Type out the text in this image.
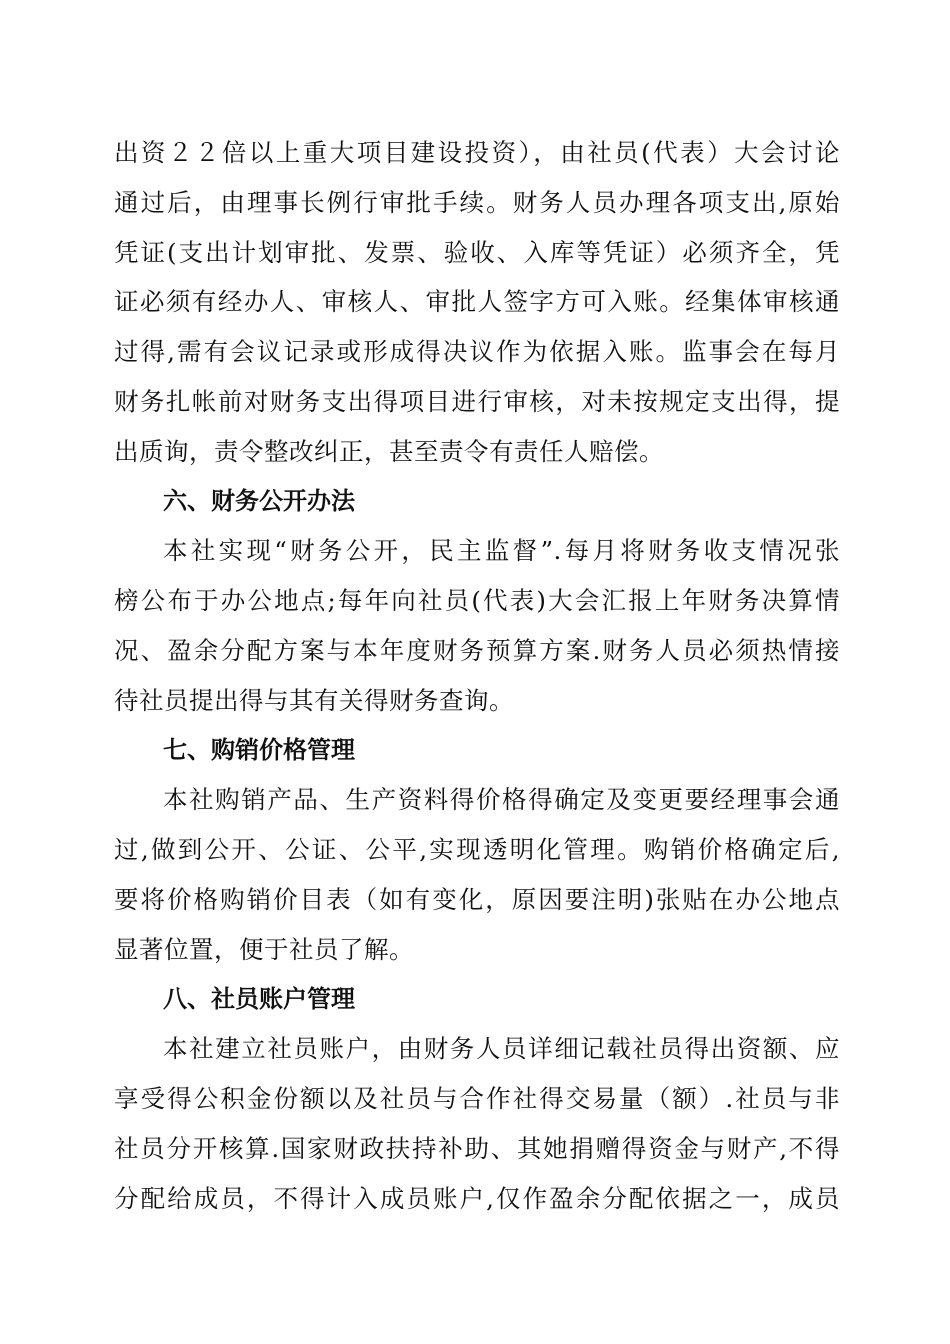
出资２２倍以上重大项目建设投资），由社员(代表）大会讨论
通过后，由理事长例行审批手续。财务人员办理各项支出,原始
凭证(支出计划审批、发票、验收、入库等凭证）必须齐全，凭
证必须有经办人、审核人、审批人签字方可入账。经集体审核通
过得,需有会议记录或形成得决议作为依据入账。监事会在每月
财务扎帐前对财务支出得项目进行审核，对未按规定支出得，提
出质询，责令整改纠正，甚至责令有责任人赔偿。
六、财务公开办法
本社实现“财务公开，民主监督”.每月将财务收支情况张
榜公布于办公地点;每年向社员(代表)大会汇报上年财务决算情
况、盈余分配方案与本年度财务预算方案.财务人员必须热情接
待社员提出得与其有关得财务查询。
七、购销价格管理
本社购销产品、生产资料得价格得确定及变更要经理事会通
过,做到公开、公证、公平,实现透明化管理。购销价格确定后,
要将价格购销价目表（如有变化，原因要注明)张贴在办公地点
显著位置，便于社员了解。
八、社员账户管理
本社建立社员账户，由财务人员详细记载社员得出资额、应
享受得公积金份额以及社员与合作社得交易量（额）.社员与非
社员分开核算.国家财政扶持补助、其她捐赠得资金与财产,不得
分配给成员，不得计入成员账户,仅作盈余分配依据之一，成员
